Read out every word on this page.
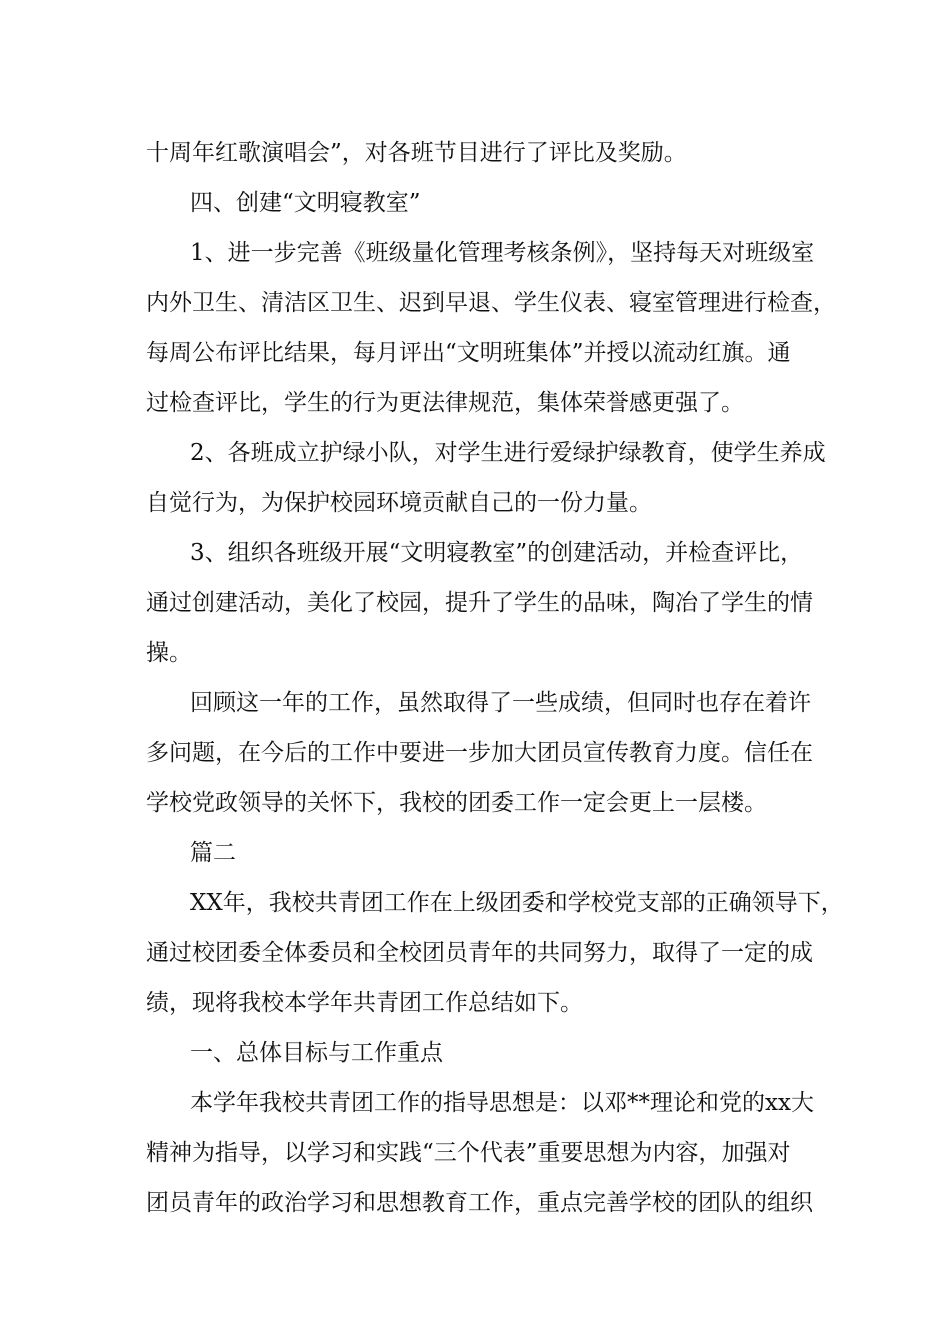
十周年红歌演唱会”，对各班节目进行了评比及奖励。
四、创建“文明寝教室”
1、进一步完善《班级量化管理考核条例》，坚持每天对班级室
内外卫生、清洁区卫生、迟到早退、学生仪表、寝室管理进行检查，
每周公布评比结果，每月评出“文明班集体”并授以流动红旗。通
过检查评比，学生的行为更法律规范，集体荣誉感更强了。
2、各班成立护绿小队，对学生进行爱绿护绿教育，使学生养成
自觉行为，为保护校园环境贡献自己的一份力量。
3、组织各班级开展“文明寝教室”的创建活动，并检查评比，
通过创建活动，美化了校园，提升了学生的品味，陶冶了学生的情
操。
回顾这一年的工作，虽然取得了一些成绩，但同时也存在着许
多问题，在今后的工作中要进一步加大团员宣传教育力度。信任在
学校党政领导的关怀下，我校的团委工作一定会更上一层楼。
篇二
XX年，我校共青团工作在上级团委和学校党支部的正确领导下，
通过校团委全体委员和全校团员青年的共同努力，取得了一定的成
绩，现将我校本学年共青团工作总结如下。
一、总体目标与工作重点
本学年我校共青团工作的指导思想是：以邓**理论和党的xx大
精神为指导，以学习和实践“三个代表”重要思想为内容，加强对
团员青年的政治学习和思想教育工作，重点完善学校的团队的组织
